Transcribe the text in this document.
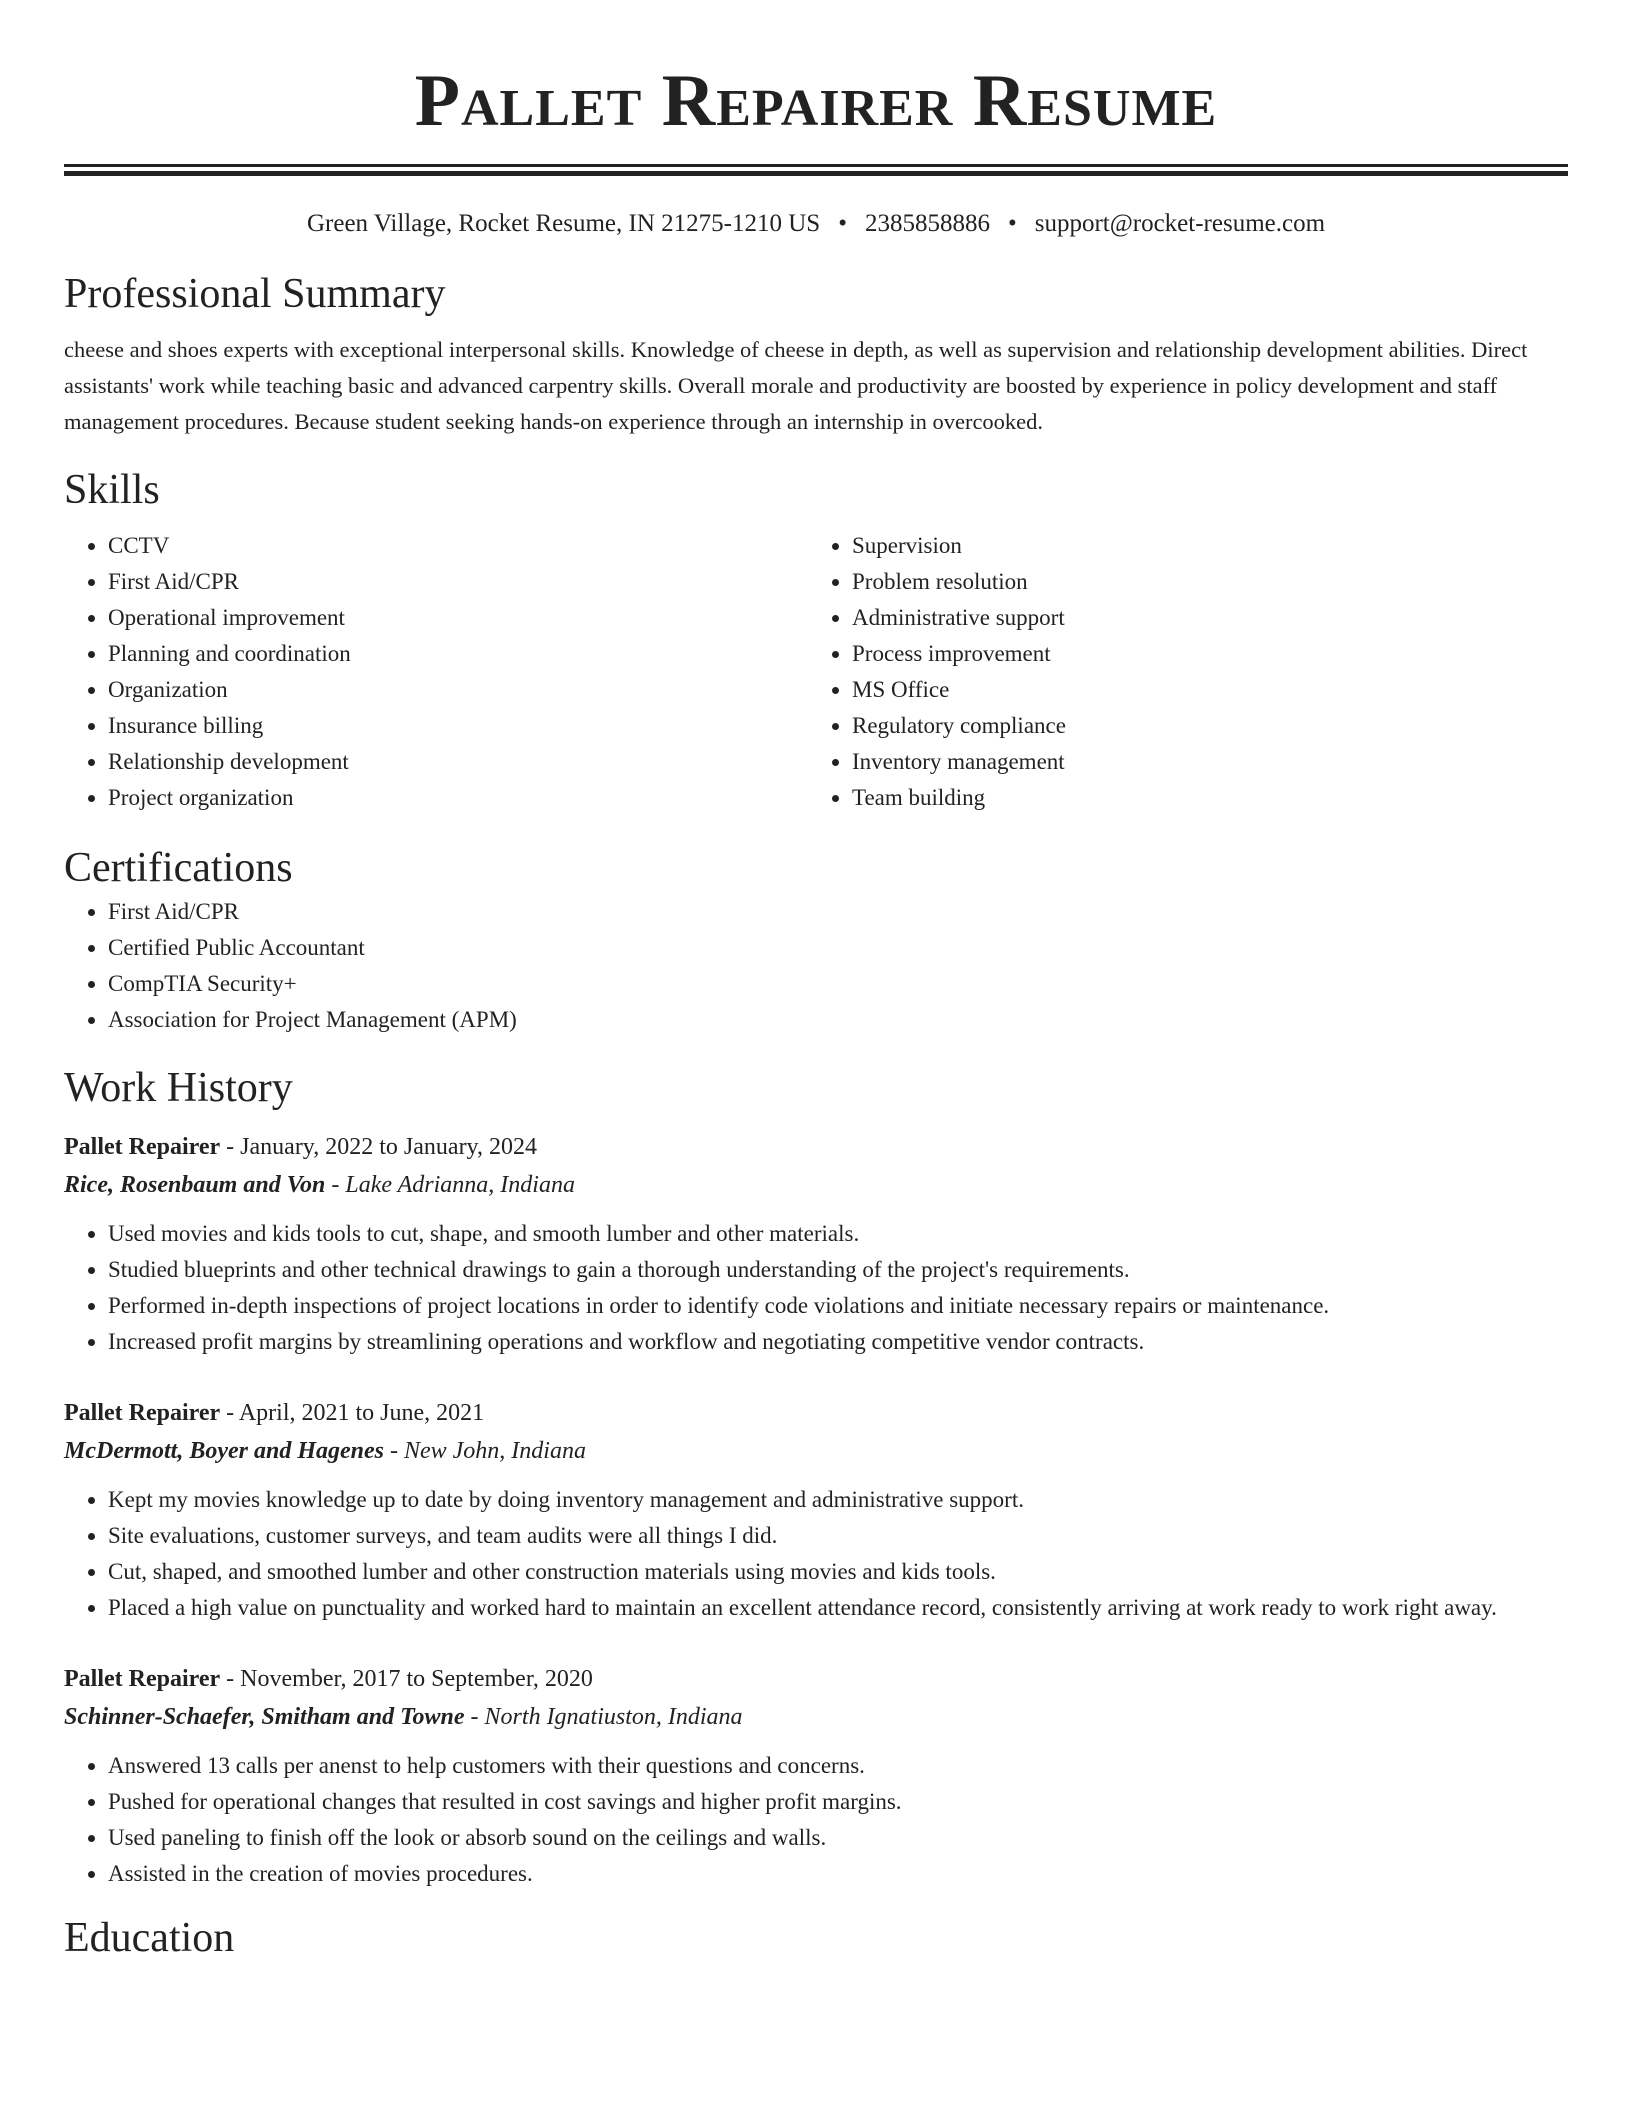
Pallet Repairer Resume
Green Village, Rocket Resume, IN 21275-1210 US • 2385858886 • support@rocket-resume.com
Professional Summary
cheese and shoes experts with exceptional interpersonal skills. Knowledge of cheese in depth, as well as supervision and relationship development abilities. Direct assistants' work while teaching basic and advanced carpentry skills. Overall morale and productivity are boosted by experience in policy development and staff management procedures. Because student seeking hands-on experience through an internship in overcooked.
Skills
• CCTV
• First Aid/CPR
• Operational improvement
• Planning and coordination
• Organization
• Insurance billing
• Relationship development
• Project organization
• Supervision
• Problem resolution
• Administrative support
• Process improvement
• MS Office
• Regulatory compliance
• Inventory management
• Team building
Certifications
• First Aid/CPR
• Certified Public Accountant
• CompTIA Security+
• Association for Project Management (APM)
Work History
Pallet Repairer - January, 2022 to January, 2024
Rice, Rosenbaum and Von - Lake Adrianna, Indiana
• Used movies and kids tools to cut, shape, and smooth lumber and other materials.
• Studied blueprints and other technical drawings to gain a thorough understanding of the project's requirements.
• Performed in-depth inspections of project locations in order to identify code violations and initiate necessary repairs or maintenance.
• Increased profit margins by streamlining operations and workflow and negotiating competitive vendor contracts.
Pallet Repairer - April, 2021 to June, 2021
McDermott, Boyer and Hagenes - New John, Indiana
• Kept my movies knowledge up to date by doing inventory management and administrative support.
• Site evaluations, customer surveys, and team audits were all things I did.
• Cut, shaped, and smoothed lumber and other construction materials using movies and kids tools.
• Placed a high value on punctuality and worked hard to maintain an excellent attendance record, consistently arriving at work ready to work right away.
Pallet Repairer - November, 2017 to September, 2020
Schinner-Schaefer, Smitham and Towne - North Ignatiuston, Indiana
• Answered 13 calls per anenst to help customers with their questions and concerns.
• Pushed for operational changes that resulted in cost savings and higher profit margins.
• Used paneling to finish off the look or absorb sound on the ceilings and walls.
• Assisted in the creation of movies procedures.
Education
